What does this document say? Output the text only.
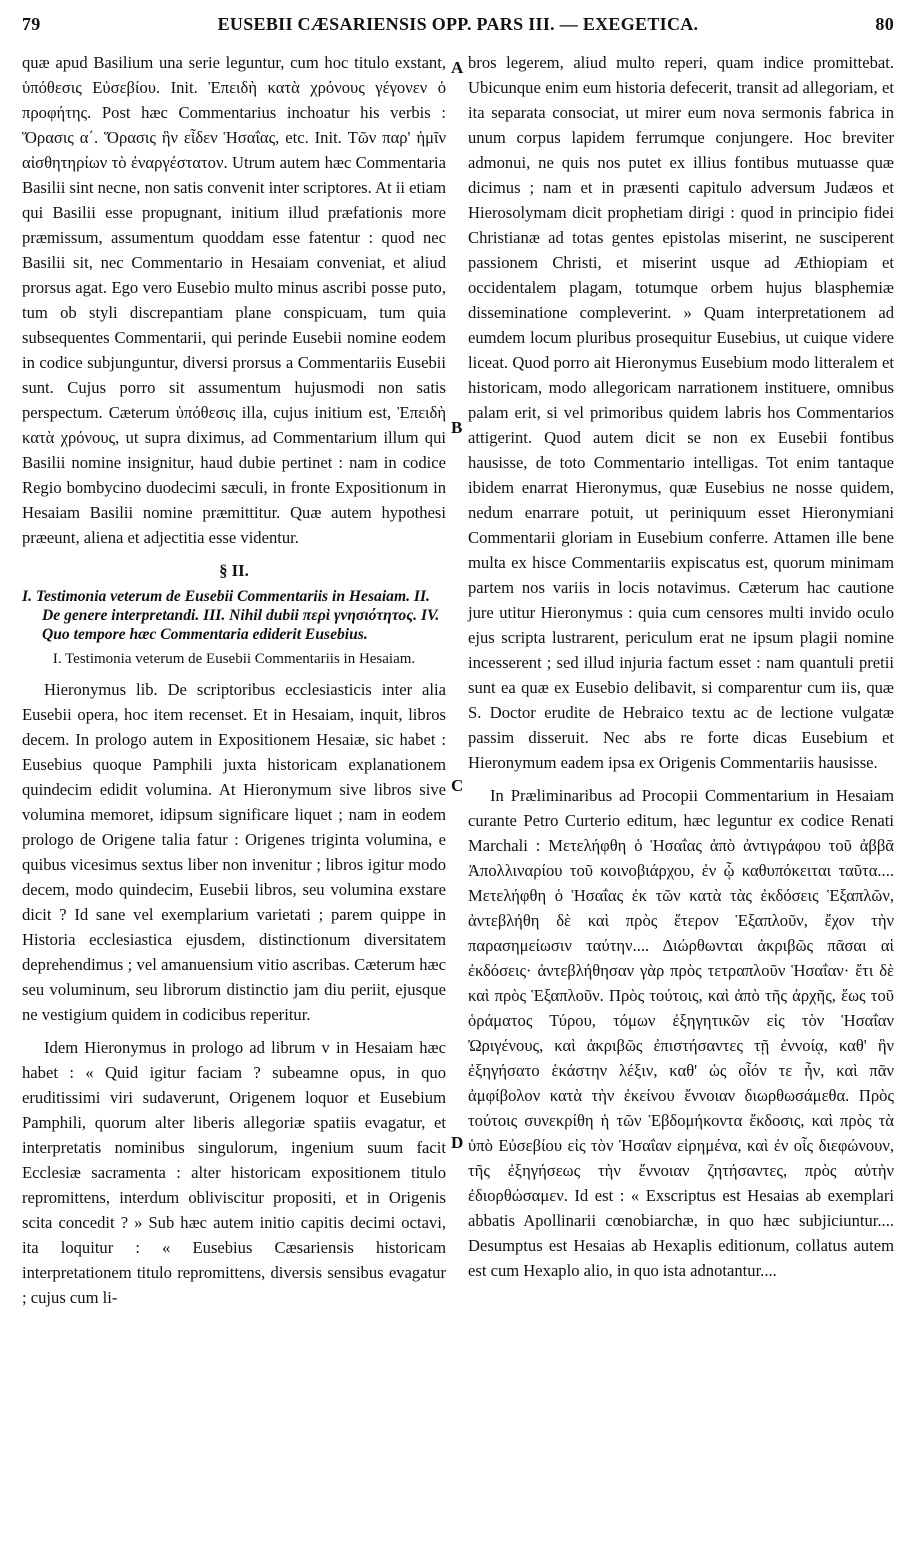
79	EUSEBII CÆSARIENSIS OPP. PARS III. — EXEGETICA.	80
A
B
C
D

quæ apud Basilium una serie leguntur, cum hoc titulo exstant, ὑπόθεσις Εὐσεβίου. Init. Ἐπειδὴ κατὰ χρόνους γέγονεν ὁ προφήτης. Post hæc Commentarius inchoatur his verbis : Ὅρασις α΄. Ὅρασις ἣν εἶδεν Ἡσαΐας, etc. Init. Τῶν παρ' ἡμῖν αἰσθητηρίων τὸ ἐναργέστατον. Utrum autem hæc Commentaria Basilii sint necne, non satis convenit inter scriptores. At ii etiam qui Basilii esse propugnant, initium illud præfationis more præmissum, assumentum quoddam esse fatentur : quod nec Basilii sit, nec Commentario in Hesaiam conveniat, et aliud prorsus agat. Ego vero Eusebio multo minus ascribi posse puto, tum ob styli discrepantiam plane conspicuam, tum quia subsequentes Commentarii, qui perinde Eusebii nomine eodem in codice subjunguntur, diversi prorsus a Commentariis Eusebii sunt. Cujus porro sit assumentum hujusmodi non satis perspectum. Cæterum ὑπόθεσις illa, cujus initium est, Ἐπειδὴ κατὰ χρόνους, ut supra diximus, ad Commentarium illum qui Basilii nomine insignitur, haud dubie pertinet : nam in codice Regio bombycino duodecimi sæculi, in fronte Expositionum in Hesaiam Basilii nomine præmittitur. Quæ autem hypothesi præeunt, aliena et adjectitia esse videntur.

§ II.
I. Testimonia veterum de Eusebii Commentariis in Hesaiam. II. De genere interpretandi. III. Nihil dubii περὶ γνησιότητος. IV. Quo tempore hæc Commentaria ediderit Eusebius.
I. Testimonia veterum de Eusebii Commentariis in Hesaiam.

Hieronymus lib. De scriptoribus ecclesiasticis inter alia Eusebii opera, hoc item recenset. Et in Hesaiam, inquit, libros decem. In prologo autem in Expositionem Hesaiæ, sic habet : Eusebius quoque Pamphili juxta historicam explanationem quindecim edidit volumina. At Hieronymum sive libros sive volumina memoret, idipsum significare liquet ; nam in eodem prologo de Origene talia fatur : Origenes triginta volumina, e quibus vicesimus sextus liber non invenitur ; libros igitur modo decem, modo quindecim, Eusebii libros, seu volumina exstare dicit ? Id sane vel exemplarium varietati ; parem quippe in Historia ecclesiastica ejusdem, distinctionum diversitatem deprehendimus ; vel amanuensium vitio ascribas. Cæterum hæc seu voluminum, seu librorum distinctio jam diu periit, ejusque ne vestigium quidem in codicibus reperitur.

Idem Hieronymus in prologo ad librum v in Hesaiam hæc habet : « Quid igitur faciam ? subeamne opus, in quo eruditissimi viri sudaverunt, Origenem loquor et Eusebium Pamphili, quorum alter liberis allegoriæ spatiis evagatur, et interpretatis nominibus singulorum, ingenium suum facit Ecclesiæ sacramenta : alter historicam expositionem titulo repromittens, interdum obliviscitur propositi, et in Origenis scita concedit ? » Sub hæc autem initio capitis decimi octavi, ita loquitur : « Eusebius Cæsariensis historicam interpretationem titulo repromittens, diversis sensibus evagatur ; cujus cum li-

bros legerem, aliud multo reperi, quam indice promittebat. Ubicunque enim eum historia defecerit, transit ad allegoriam, et ita separata consociat, ut mirer eum nova sermonis fabrica in unum corpus lapidem ferrumque conjungere. Hoc breviter admonui, ne quis nos putet ex illius fontibus mutuasse quæ dicimus ; nam et in præsenti capitulo adversum Judæos et Hierosolymam dicit prophetiam dirigi : quod in principio fidei Christianæ ad totas gentes epistolas miserint, ne susciperent passionem Christi, et miserint usque ad Æthiopiam et occidentalem plagam, totumque orbem hujus blasphemiæ disseminatione compleverint. » Quam interpretationem ad eumdem locum pluribus prosequitur Eusebius, ut cuique videre liceat. Quod porro ait Hieronymus Eusebium modo litteralem et historicam, modo allegoricam narrationem instituere, omnibus palam erit, si vel primoribus quidem labris hos Commentarios attigerint. Quod autem dicit se non ex Eusebii fontibus hausisse, de toto Commentario intelligas. Tot enim tantaque ibidem enarrat Hieronymus, quæ Eusebius ne nosse quidem, nedum enarrare potuit, ut periniquum esset Hieronymiani Commentarii gloriam in Eusebium conferre. Attamen ille bene multa ex hisce Commentariis expiscatus est, quorum minimam partem nos variis in locis notavimus. Cæterum hac cautione jure utitur Hieronymus : quia cum censores multi invido oculo ejus scripta lustrarent, periculum erat ne ipsum plagii nomine incesserent ; sed illud injuria factum esset : nam quantuli pretii sunt ea quæ ex Eusebio delibavit, si comparentur cum iis, quæ S. Doctor erudite de Hebraico textu ac de lectione vulgatæ passim disseruit. Nec abs re forte dicas Eusebium et Hieronymum eadem ipsa ex Origenis Commentariis hausisse.

In Præliminaribus ad Procopii Commentarium in Hesaiam curante Petro Curterio editum, hæc leguntur ex codice Renati Marchali : Μετελήφθη ὁ Ἡσαΐας ἀπὸ ἀντιγράφου τοῦ ἀββᾶ Ἀπολλιναρίου τοῦ κοινοβιάρχου, ἐν ᾧ καθυπόκειται ταῦτα.... Μετελήφθη ὁ Ἡσαΐας ἐκ τῶν κατὰ τὰς ἐκδόσεις Ἑξαπλῶν, ἀντεβλήθη δὲ καὶ πρὸς ἕτερον Ἑξαπλοῦν, ἔχον τὴν παρασημείωσιν ταύτην.... Διώρθωνται ἀκριβῶς πᾶσαι αἱ ἐκδόσεις· ἀντεβλήθησαν γὰρ πρὸς τετραπλοῦν Ἡσαΐαν· ἔτι δὲ καὶ πρὸς Ἑξαπλοῦν. Πρὸς τούτοις, καὶ ἀπὸ τῆς ἀρχῆς, ἕως τοῦ ὁράματος Τύρου, τόμων ἐξηγητικῶν εἰς τὸν Ἡσαΐαν Ὠριγένους, καὶ ἀκριβῶς ἐπιστήσαντες τῇ ἐννοίᾳ, καθ' ἣν ἐξηγήσατο ἑκάστην λέξιν, καθ' ὡς οἷόν τε ἦν, καὶ πᾶν ἀμφίβολον κατὰ τὴν ἐκείνου ἔννοιαν διωρθωσάμεθα. Πρὸς τούτοις συνεκρίθη ἡ τῶν Ἑβδομήκοντα ἔκδοσις, καὶ πρὸς τὰ ὑπὸ Εὐσεβίου εἰς τὸν Ἡσαΐαν εἰρημένα, καὶ ἐν οἷς διεφώνουν, τῆς ἐξηγήσεως τὴν ἔννοιαν ζητήσαντες, πρὸς αὐτὴν ἐδιορθώσαμεν. Id est : « Exscriptus est Hesaias ab exemplari abbatis Apollinarii cœnobiarchæ, in quo hæc subjiciuntur.... Desumptus est Hesaias ab Hexaplis editionum, collatus autem est cum Hexaplo alio, in quo ista adnotantur....
